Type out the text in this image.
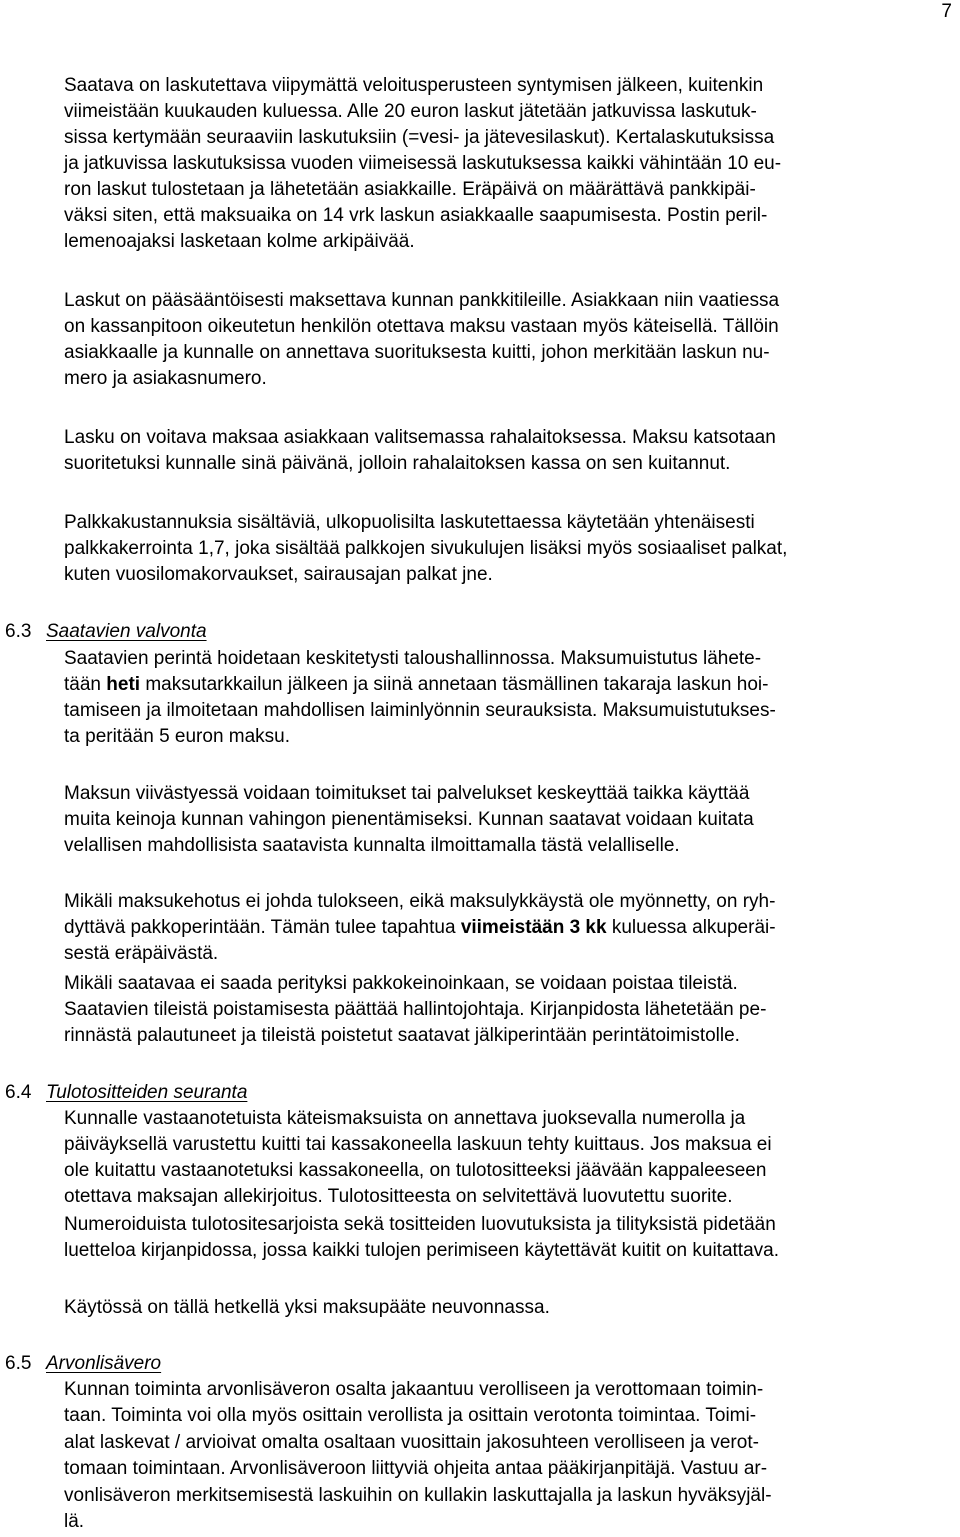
7
Saatava on laskutettava viipymättä veloitusperusteen syntymisen jälkeen, kuitenkin
viimeistään kuukauden kuluessa. Alle 20 euron laskut jätetään jatkuvissa laskutuk-
sissa kertymään seuraaviin laskutuksiin (=vesi- ja jätevesilaskut). Kertalaskutuksissa
ja jatkuvissa laskutuksissa vuoden viimeisessä laskutuksessa kaikki vähintään 10 eu-
ron laskut tulostetaan ja lähetetään asiakkaille. Eräpäivä on määrättävä pankkipäi-
väksi siten, että maksuaika on 14 vrk laskun asiakkaalle saapumisesta. Postin peril-
lemenoajaksi lasketaan kolme arkipäivää.
Laskut on pääsääntöisesti maksettava kunnan pankkitileille. Asiakkaan niin vaatiessa
on kassanpitoon oikeutetun henkilön otettava maksu vastaan myös käteisellä. Tällöin
asiakkaalle ja kunnalle on annettava suorituksesta kuitti, johon merkitään laskun nu-
mero ja asiakasnumero.
Lasku on voitava maksaa asiakkaan valitsemassa rahalaitoksessa. Maksu katsotaan
suoritetuksi kunnalle sinä päivänä, jolloin rahalaitoksen kassa on sen kuitannut.
Palkkakustannuksia sisältäviä, ulkopuolisilta laskutettaessa käytetään yhtenäisesti
palkkakerrointa 1,7, joka sisältää palkkojen sivukulujen lisäksi myös sosiaaliset palkat,
kuten vuosilomakorvaukset, sairausajan palkat jne.
6.3 Saatavien valvonta
Saatavien perintä hoidetaan keskitetysti taloushallinnossa. Maksumuistutus lähete-
tään heti maksutarkkailun jälkeen ja siinä annetaan täsmällinen takaraja laskun hoi-
tamiseen ja ilmoitetaan mahdollisen laiminlyönnin seurauksista. Maksumuistutukses-
ta peritään 5 euron maksu.
Maksun viivästyessä voidaan toimitukset tai palvelukset keskeyttää taikka käyttää
muita keinoja kunnan vahingon pienentämiseksi. Kunnan saatavat voidaan kuitata
velallisen mahdollisista saatavista kunnalta ilmoittamalla tästä velalliselle.
Mikäli maksukehotus ei johda tulokseen, eikä maksulykkäystä ole myönnetty, on ryh-
dyttävä pakkoperintään. Tämän tulee tapahtua viimeistään 3 kk kuluessa alkuperäi-
sestä eräpäivästä.
Mikäli saatavaa ei saada perityksi pakkokeinoinkaan, se voidaan poistaa tileistä.
Saatavien tileistä poistamisesta päättää hallintojohtaja. Kirjanpidosta lähetetään pe-
rinnästä palautuneet ja tileistä poistetut saatavat jälkiperintään perintätoimistolle.
6.4 Tulotositteiden seuranta
Kunnalle vastaanotetuista käteismaksuista on annettava juoksevalla numerolla ja
päiväyksellä varustettu kuitti tai kassakoneella laskuun tehty kuittaus. Jos maksua ei
ole kuitattu vastaanotetuksi kassakoneella, on tulotositteeksi jäävään kappaleeseen
otettava maksajan allekirjoitus. Tulotositteesta on selvitettävä luovutettu suorite.
Numeroiduista tulotositesarjoista sekä tositteiden luovutuksista ja tilityksistä pidetään
luetteloa kirjanpidossa, jossa kaikki tulojen perimiseen käytettävät kuitit on kuitattava.
Käytössä on tällä hetkellä yksi maksupääte neuvonnassa.
6.5 Arvonlisävero
Kunnan toiminta arvonlisäveron osalta jakaantuu verolliseen ja verottomaan toimin-
taan. Toiminta voi olla myös osittain verollista ja osittain verotonta toimintaa. Toimi-
alat laskevat / arvioivat omalta osaltaan vuosittain jakosuhteen verolliseen ja verot-
tomaan toimintaan. Arvonlisäveroon liittyviä ohjeita antaa pääkirjanpitäjä. Vastuu ar-
vonlisäveron merkitsemisestä laskuihin on kullakin laskuttajalla ja laskun hyväksyjäl-
lä.
